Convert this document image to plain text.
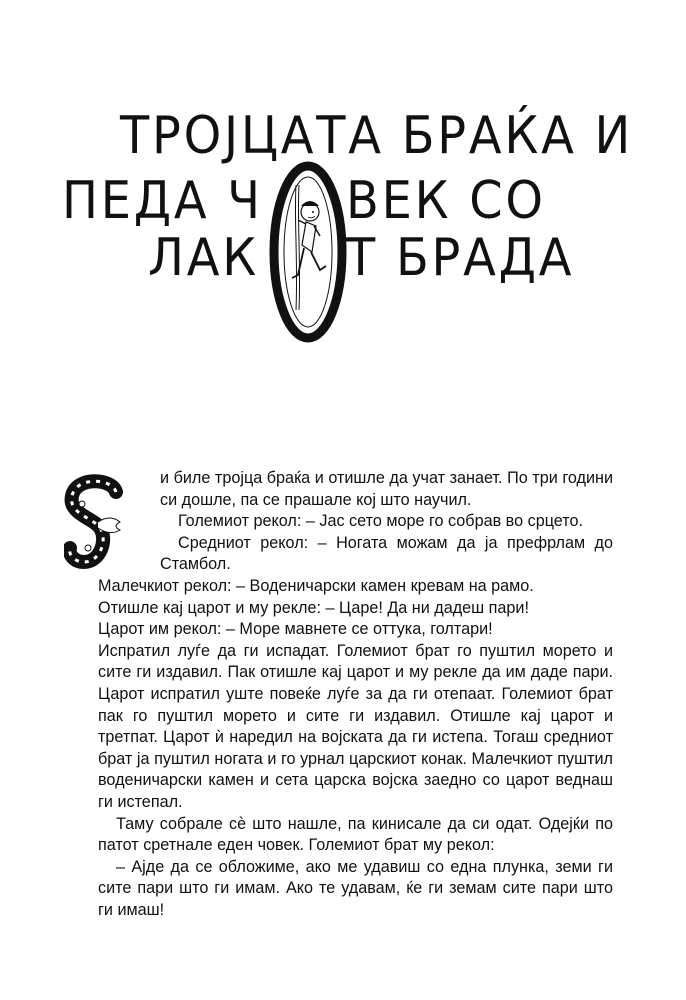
ТРОЈЦАТА БРАЌА И
ПЕДА Ч ВЕК СО
ЛАК Т БРАДА

и биле тројца браќа и отишле да учат занает. По три години си дошле, па се прашале кој што научил.

Големиот рекол: – Јас сето море го собрав во срцето.

Средниот рекол: – Ногата можам да ја префрлам до Стамбол.

Малечкиот рекол: – Воденичарски камен кревам на рамо.

Отишле кај царот и му рекле: – Царе! Да ни дадеш пари!

Царот им рекол: – Море мавнете се оттука, голтари!

Испратил луѓе да ги испадат. Големиот брат го пуштил морето и сите ги издавил. Пак отишле кај царот и му рекле да им даде пари. Царот испратил уште повеќе луѓе за да ги отепаат. Големиот брат пак го пуштил морето и сите ги издавил. Отишле кај царот и третпат. Царот ѝ наредил на војската да ги истепа. Тогаш средниот брат ја пуштил ногата и го урнал царскиот конак. Малечкиот пуштил воденичарски камен и сета царска војска заедно со царот веднаш ги истепал.

Таму собрале сѐ што нашле, па кинисале да си одат. Одејќи по патот сретнале еден човек. Големиот брат му рекол:

– Ајде да се обложиме, ако ме удавиш со една плунка, земи ги сите пари што ги имам. Ако те удавам, ќе ги земам сите пари што ги имаш!
